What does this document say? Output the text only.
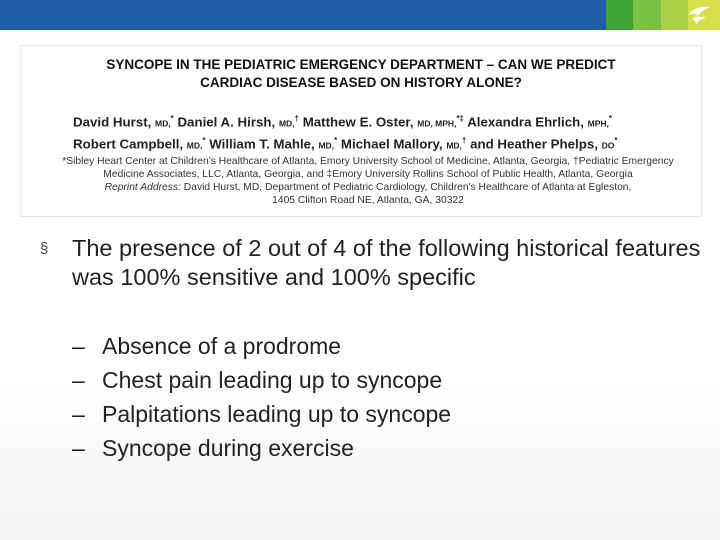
SYNCOPE IN THE PEDIATRIC EMERGENCY DEPARTMENT – CAN WE PREDICT
CARDIAC DISEASE BASED ON HISTORY ALONE?
David Hurst, MD,* Daniel A. Hirsh, MD,† Matthew E. Oster, MD, MPH,*‡ Alexandra Ehrlich, MPH,*
Robert Campbell, MD,* William T. Mahle, MD,* Michael Mallory, MD,† and Heather Phelps, DO*
*Sibley Heart Center at Children's Healthcare of Atlanta, Emory University School of Medicine, Atlanta, Georgia, †Pediatric Emergency
Medicine Associates, LLC, Atlanta, Georgia, and ‡Emory University Rollins School of Public Health, Atlanta, Georgia
Reprint Address: David Hurst, MD, Department of Pediatric Cardiology, Children's Healthcare of Atlanta at Egleston,
1405 Clifton Road NE, Atlanta, GA, 30322
§ The presence of 2 out of 4 of the following historical features was 100% sensitive and 100% specific
– Absence of a prodrome
– Chest pain leading up to syncope
– Palpitations leading up to syncope
– Syncope during exercise
